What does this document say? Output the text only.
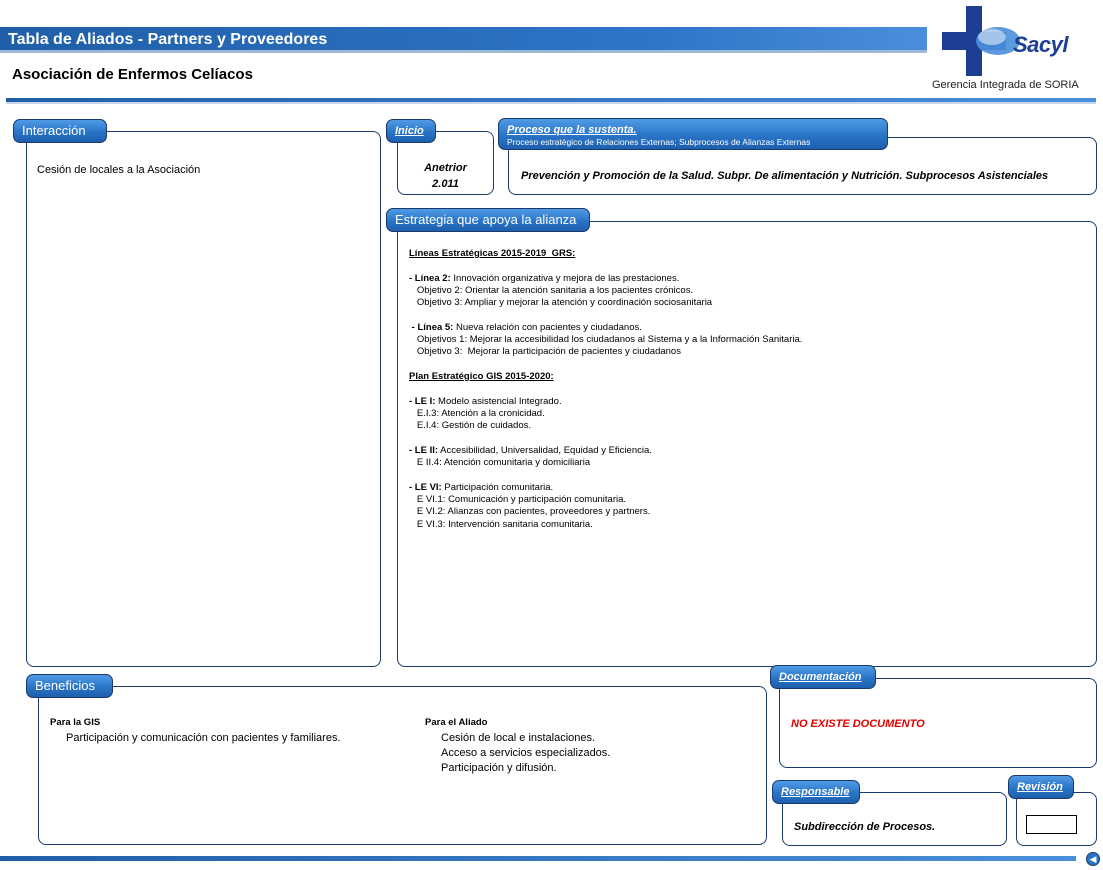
Tabla de Aliados - Partners y Proveedores
Asociación de Enfermos Celíacos
Sacyl
Gerencia Integrada de SORIA
Interacción
Cesión de locales a la Asociación
Inicio
Anetrior
2.011
Proceso que la sustenta.
Proceso estratégico de Relaciones Externas; Subprocesos de Alianzas Externas
Prevención y Promoción de la Salud. Subpr. De alimentación y Nutrición. Subprocesos Asistenciales
Estrategia que apoya la alianza

Líneas Estratégicas 2015-2019  GRS:

- Línea 2: Innovación organizativa y mejora de las prestaciones.

Objetivo 2: Orientar la atención sanitaria a los pacientes crónicos.

Objetivo 3: Ampliar y mejorar la atención y coordinación sociosanitaria

- Línea 5: Nueva relación con pacientes y ciudadanos.

Objetivos 1: Mejorar la accesibilidad los ciudadanos al Sistema y a la Información Sanitaria.

Objetivo 3:  Mejorar la participación de pacientes y ciudadanos

Plan Estratégico GIS 2015-2020:

- LE I: Modelo asistencial Integrado.

E.I.3: Atención a la cronicidad.

E.I.4: Gestión de cuidados.

- LE II: Accesibilidad, Universalidad, Equidad y Eficiencia.

E II.4: Atención comunitaria y domiciliaria

- LE VI: Participación comunitaria.

E VI.1: Comunicación y participación comunitaria.

E VI.2: Alianzas con pacientes, proveedores y partners.

E VI.3: Intervención sanitaria comunitaria.

Beneficios
Para la GIS
Participación y comunicación con pacientes y familiares.
Para el Aliado
Cesión de local e instalaciones.
Acceso a servicios especializados.
Participación y difusión.
Documentación
NO EXISTE DOCUMENTO
Responsable
Subdirección de Procesos.
Revisión
◀
